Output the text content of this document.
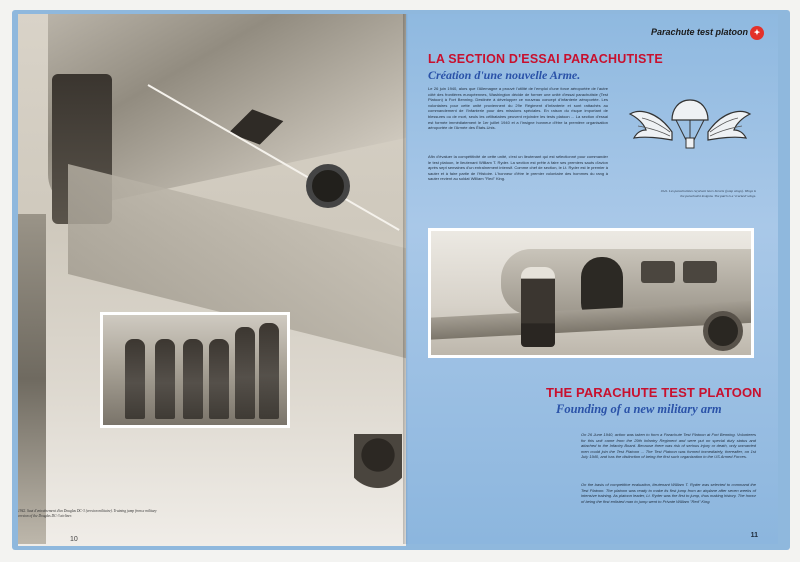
1942. Saut d'entraînement d'un Douglas DC-3 (version militaire). Training jump from a military version of the Douglas DC-3 airliner.
10
Parachute test platoon ✦
LA SECTION D'ESSAI PARACHUTISTE
Création d'une nouvelle Arme.
Le 26 juin 1940, alors que l'Allemagne a prouvé l'utilité de l'emploi d'une force aéroportée de l'autre côté des frontières européennes, Washington décide de former une unité d'essai parachutiste (Test Platoon) à Fort Benning. Destinée à développer ce nouveau concept d'infanterie aéroportée. Les volontaires pour cette unité proviennent du 29e Régiment d'Infanterie et sont rattachés au commandement de l'Infanterie pour des missions spéciales. En raison du risque important de blessures ou de mort, seuls les célibataires peuvent rejoindre les tests platoon ... La section d'essai est formée immédiatement le 1er juillet 1940 et a l'insigne honneur d'être la première organisation aéroportée de l'Armée des États-Unis.
Afin d'évaluer la compétitivité de cette unité, c'est un lieutenant qui est sélectionné pour commander le test platoon, le lieutenant William T. Ryder. La section est prête à faire ses premiers sauts d'avion après sept semaines d'un entraînement intensif. Comme chef de section, le Lt. Ryder est le premier à sauter et à faire partie de l'Histoire. L'honneur d'être le premier volontaire des hommes du rang à sauter revient au soldat William "Red" King.
1941. Les parachutistes reçoivent leurs brevets (jump wings). Wings is the parachutist insignia. The patch is a 'cracked' wings.
THE PARACHUTE TEST PLATOON
Founding of a new military arm
On 26 June 1940, action was taken to form a Parachute Test Platoon at Fort Benning. Volunteers for this unit came from the 29th Infantry Regiment and were put on special duty status and attached to the Infantry Board. Because there was risk of serious injury or death, only unmarried men could join the Test Platoon ... The Test Platoon was formed immediately, thereafter, on 1st July 1940, and has the distinction of being the first such organization in the US Armed Forces.
On the basis of competitive evaluation, lieutenant William T. Ryder was selected to command the Test Platoon. The platoon was ready to make its first jump from an airplane after seven weeks of intensive training. As platoon leader, Lt. Ryder was the first to jump, thus making history. The honor of being the first enlisted man to jump went to Private William "Red" King.
11
